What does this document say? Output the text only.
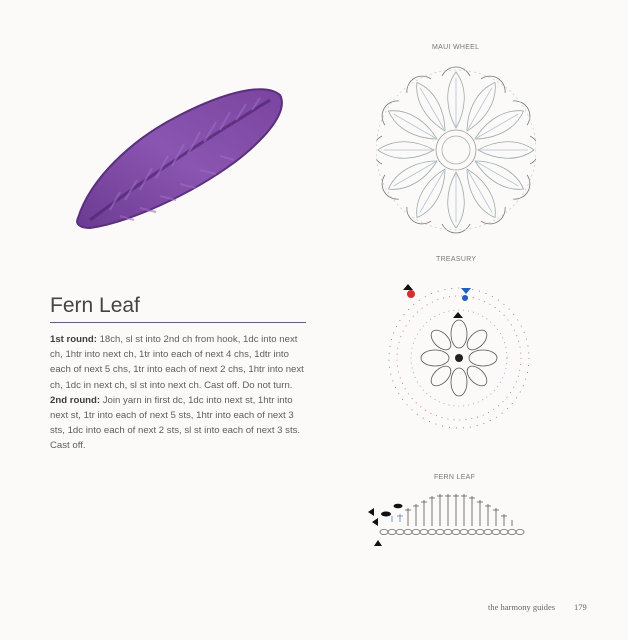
Fern Leaf

1st round: 18ch, sl st into 2nd ch from hook, 1dc into next ch, 1htr into next ch, 1tr into each of next 4 chs, 1dtr into each of next 5 chs, 1tr into each of next 2 chs, 1htr into next ch, 1dc in next ch, sl st into next ch. Cast off. Do not turn.

2nd round: Join yarn in first dc, 1dc into next st, 1htr into next st, 1tr into each of next 5 sts, 1htr into each of next 3 sts, 1dc into each of next 2 sts, sl st into each of next 3 sts.

Cast off.

MAUI WHEEL
TREASURY
FERN LEAF
the harmony guides 179
